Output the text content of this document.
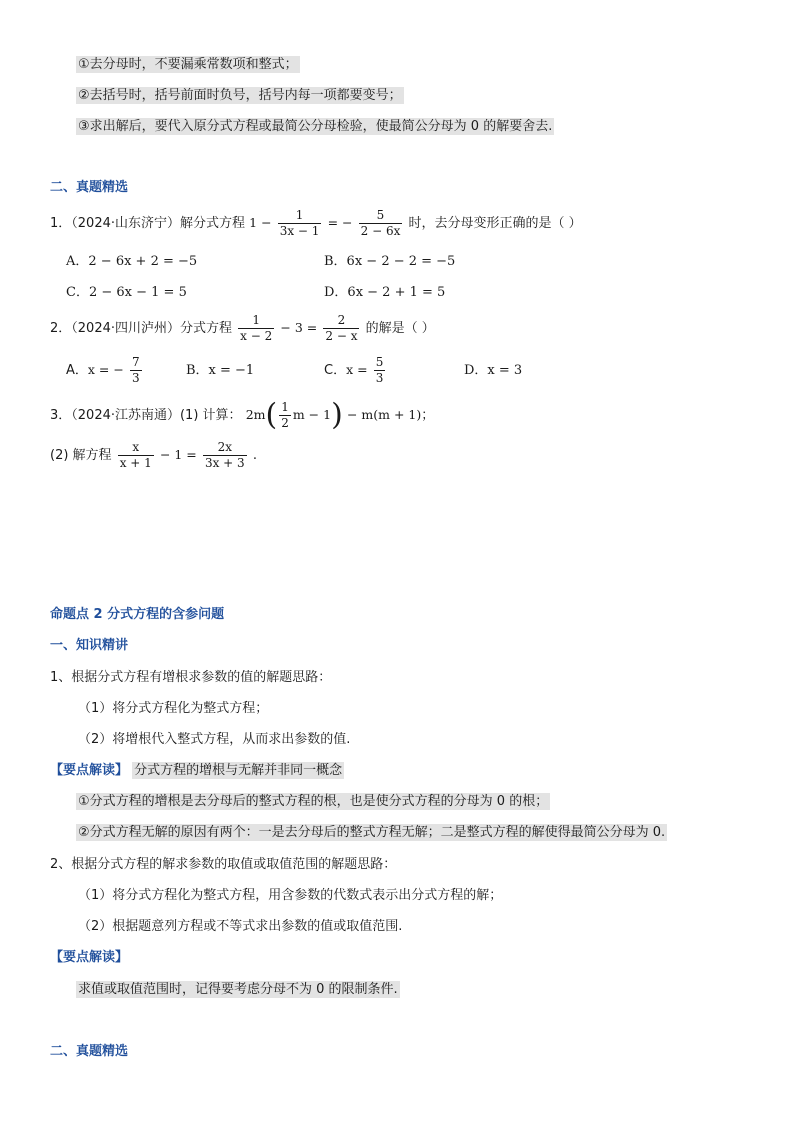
①去分母时，不要漏乘常数项和整式；
②去括号时，括号前面时负号，括号内每一项都要变号；
③求出解后，要代入原分式方程或最简公分母检验，使最简公分母为 0 的解要舍去.
二、真题精选
1．（2024·山东济宁）解分式方程 $1 - \frac{1}{3x - 1}$ = − $\frac{5}{2 - 6x}$ 时，去分母变形正确的是（ ）
A．2 − 6x + 2 = −5	B．6x − 2 − 2 = −5
C．2 − 6x − 1 = 5	D．6x − 2 + 1 = 5
2．（2024·四川泸州）分式方程 $\frac{1}{x - 2} - 3 = \frac{2}{2 - x}$ 的解是（ ）
A．x = − $\frac{7}{3}$	B．x = −1	C．$x = \frac{5}{3}$	D．x = 3
3．（2024·江苏南通）(1) 计算： $2m( \frac{1}{2}$ m − 1) − m(m + 1)；
(2) 解方程 $\frac{x}{x + 1} - 1 = \frac{2x}{3x + 3}$ .
命题点 2 分式方程的含参问题
一、知识精讲
1、根据分式方程有增根求参数的值的解题思路：
（1）将分式方程化为整式方程；
（2）将增根代入整式方程，从而求出参数的值.
【要点解读】 分式方程的增根与无解并非同一概念
①分式方程的增根是去分母后的整式方程的根，也是使分式方程的分母为 0 的根；
②分式方程无解的原因有两个：一是去分母后的整式方程无解；二是整式方程的解使得最简公分母为 0.
2、根据分式方程的解求参数的取值或取值范围的解题思路：
（1）将分式方程化为整式方程，用含参数的代数式表示出分式方程的解；
（2）根据题意列方程或不等式求出参数的值或取值范围.
【要点解读】
求值或取值范围时，记得要考虑分母不为 0 的限制条件.
二、真题精选
